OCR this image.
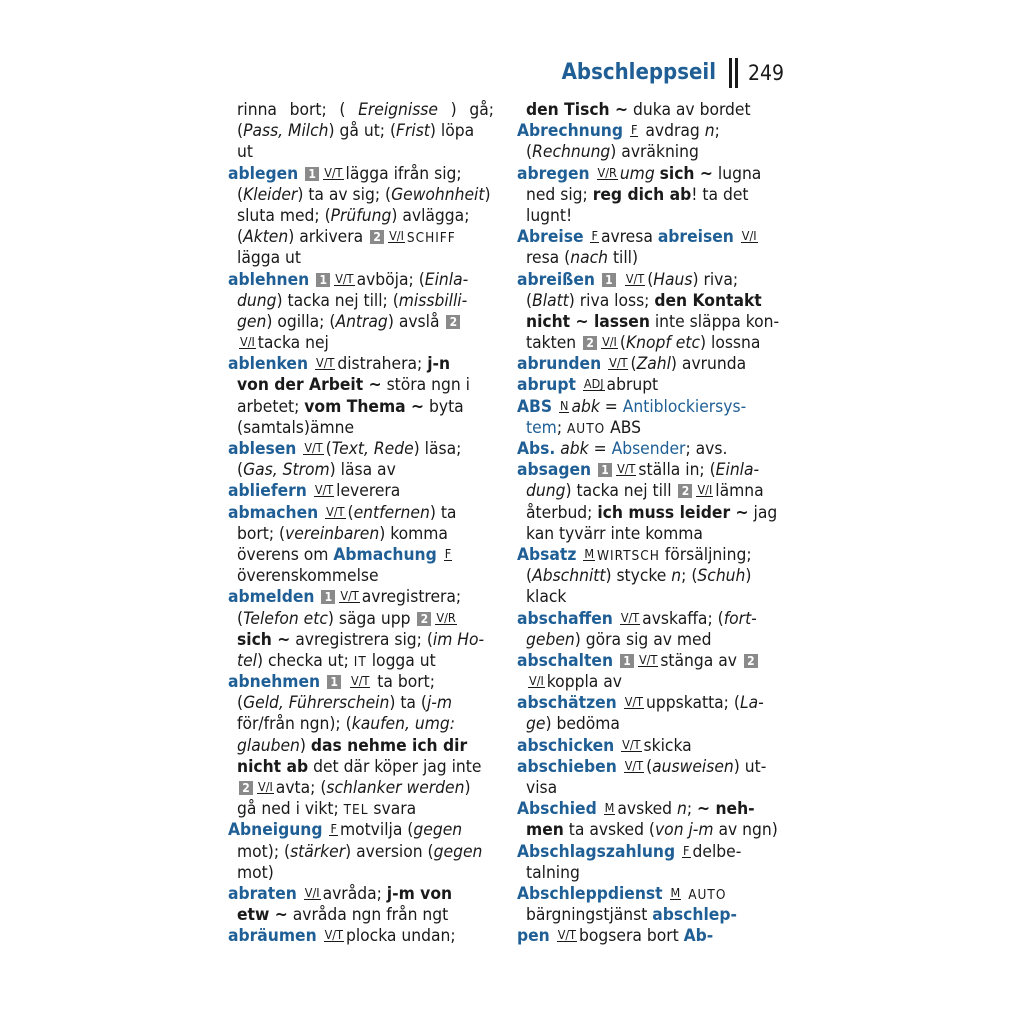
Abschleppseil 249
rinna bort; ( Ereignisse ) gå;
(Pass, Milch) gå ut; (Frist) löpa
ut
ablegen 1 V/T lägga ifrån sig;
(Kleider) ta av sig; (Gewohnheit)
sluta med; (Prüfung) avlägga;
(Akten) arkivera 2 V/I SCHIFF
lägga ut
ablehnen 1 V/T avböja; (Einla-
dung) tacka nej till; (missbilli-
gen) ogilla; (Antrag) avslå 2
V/I tacka nej
ablenken V/T distrahera; j-n
von der Arbeit ~ störa ngn i
arbetet; vom Thema ~ byta
(samtals)ämne
ablesen V/T (Text, Rede) läsa;
(Gas, Strom) läsa av
abliefern V/T leverera
abmachen V/T (entfernen) ta
bort; (vereinbaren) komma
överens om Abmachung F
överenskommelse
abmelden 1 V/T avregistrera;
(Telefon etc) säga upp 2 V/R
sich ~ avregistrera sig; (im Ho-
tel) checka ut; IT logga ut
abnehmen 1 V/T ta bort;
(Geld, Führerschein) ta (j-m
för/från ngn); (kaufen, umg:
glauben) das nehme ich dir
nicht ab det där köper jag inte
2 V/I avta; (schlanker werden)
gå ned i vikt; TEL svara
Abneigung F motvilja (gegen
mot); (stärker) aversion (gegen
mot)
abraten V/I avråda; j-m von
etw ~ avråda ngn från ngt
abräumen V/T plocka undan;
den Tisch ~ duka av bordet
Abrechnung F avdrag n;
(Rechnung) avräkning
abregen V/R umg sich ~ lugna
ned sig; reg dich ab! ta det
lugnt!
Abreise F avresa abreisen V/I
resa (nach till)
abreißen 1 V/T (Haus) riva;
(Blatt) riva loss; den Kontakt
nicht ~ lassen inte släppa kon-
takten 2 V/I (Knopf etc) lossna
abrunden V/T (Zahl) avrunda
abrupt ADJ abrupt
ABS N abk = Antiblockiersys-
tem; AUTO ABS
Abs. abk = Absender; avs.
absagen 1 V/T ställa in; (Einla-
dung) tacka nej till 2 V/I lämna
återbud; ich muss leider ~ jag
kan tyvärr inte komma
Absatz M WIRTSCH försäljning;
(Abschnitt) stycke n; (Schuh)
klack
abschaffen V/T avskaffa; (fort-
geben) göra sig av med
abschalten 1 V/T stänga av 2
V/I koppla av
abschätzen V/T uppskatta; (La-
ge) bedöma
abschicken V/T skicka
abschieben V/T (ausweisen) ut-
visa
Abschied M avsked n; ~ neh-
men ta avsked (von j-m av ngn)
Abschlagszahlung F delbe-
talning
Abschleppdienst M AUTO
bärgningstjänst abschlep-
pen V/T bogsera bort Ab-
